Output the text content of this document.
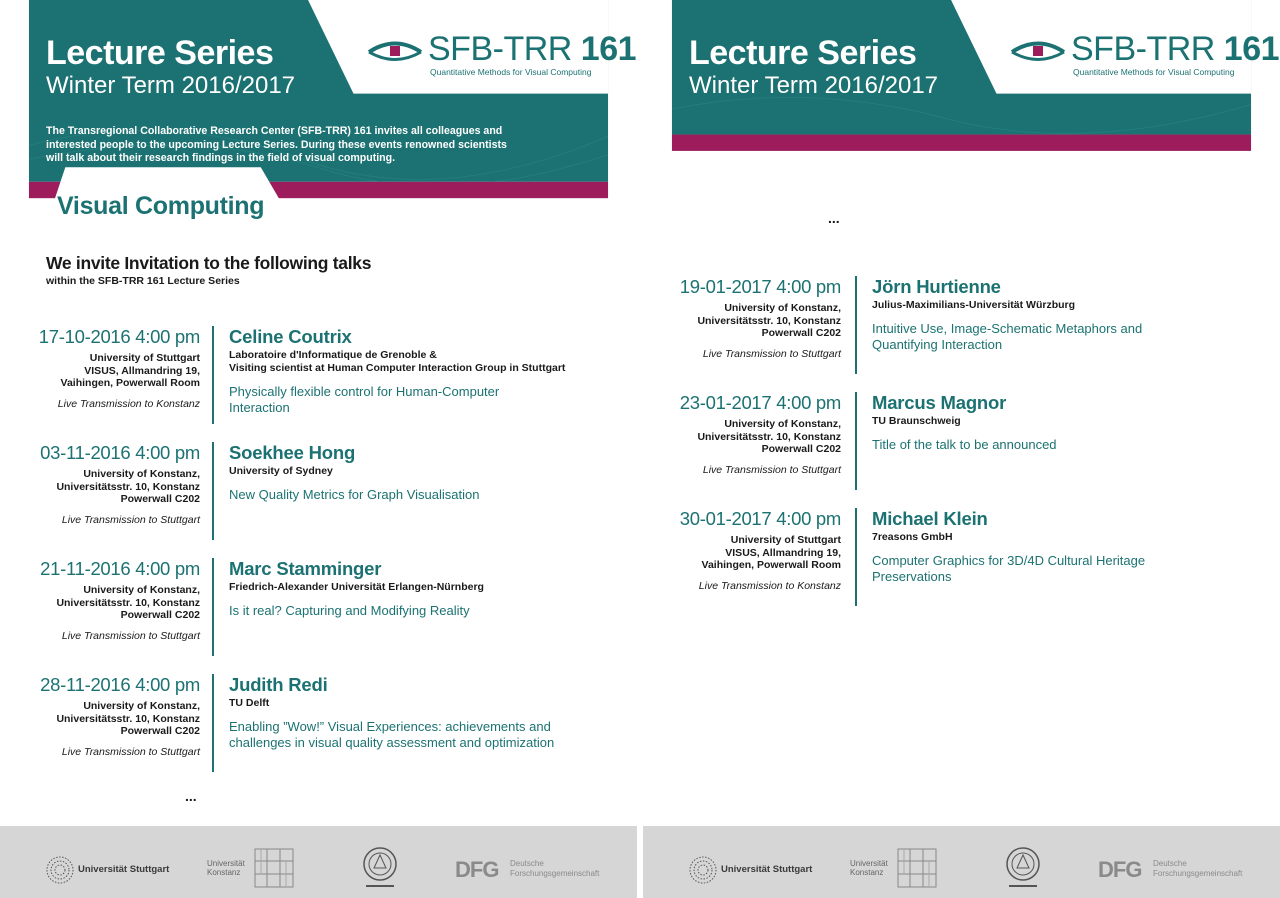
Lecture Series
Winter Term 2016/2017
SFB-TRR 161
Quantitative Methods for Visual Computing
The Transregional Collaborative Research Center (SFB-TRR) 161 invites all colleagues and interested people to the upcoming Lecture Series. During these events renowned scientists will talk about their research findings in the field of visual computing.
Visual Computing
We invite Invitation to the following talks
within the SFB-TRR 161 Lecture Series
17-10-2016 4:00 pm
University of Stuttgart
VISUS, Allmandring 19,
Vaihingen, Powerwall Room
Live Transmission to Konstanz
Celine Coutrix
Laboratoire d'Informatique de Grenoble &
Visiting scientist at Human Computer Interaction Group in Stuttgart
Physically flexible control for Human-Computer
Interaction
03-11-2016 4:00 pm
University of Konstanz,
Universitätsstr. 10, Konstanz
Powerwall C202
Live Transmission to Stuttgart
Soekhee Hong
University of Sydney
New Quality Metrics for Graph Visualisation
21-11-2016 4:00 pm
University of Konstanz,
Universitätsstr. 10, Konstanz
Powerwall C202
Live Transmission to Stuttgart
Marc Stamminger
Friedrich-Alexander Universität Erlangen-Nürnberg
Is it real? Capturing and Modifying Reality
28-11-2016 4:00 pm
University of Konstanz,
Universitätsstr. 10, Konstanz
Powerwall C202
Live Transmission to Stuttgart
Judith Redi
TU Delft
Enabling ”Wow!” Visual Experiences: achievements and
challenges in visual quality assessment and optimization
...
Universität Stuttgart
Universität
Konstanz	DFG Deutsche
Forschungsgemeinschaft
Lecture Series
Winter Term 2016/2017
SFB-TRR 161
Quantitative Methods for Visual Computing
...
19-01-2017 4:00 pm
University of Konstanz,
Universitätsstr. 10, Konstanz
Powerwall C202
Live Transmission to Stuttgart
Jörn Hurtienne
Julius-Maximilians-Universität Würzburg
Intuitive Use, Image-Schematic Metaphors and
Quantifying Interaction
23-01-2017 4:00 pm
University of Konstanz,
Universitätsstr. 10, Konstanz
Powerwall C202
Live Transmission to Stuttgart
Marcus Magnor
TU Braunschweig
Title of the talk to be announced
30-01-2017 4:00 pm
University of Stuttgart
VISUS, Allmandring 19,
Vaihingen, Powerwall Room
Live Transmission to Konstanz
Michael Klein
7reasons GmbH
Computer Graphics for 3D/4D Cultural Heritage
Preservations
Universität Stuttgart
Universität
Konstanz	DFG Deutsche
Forschungsgemeinschaft
